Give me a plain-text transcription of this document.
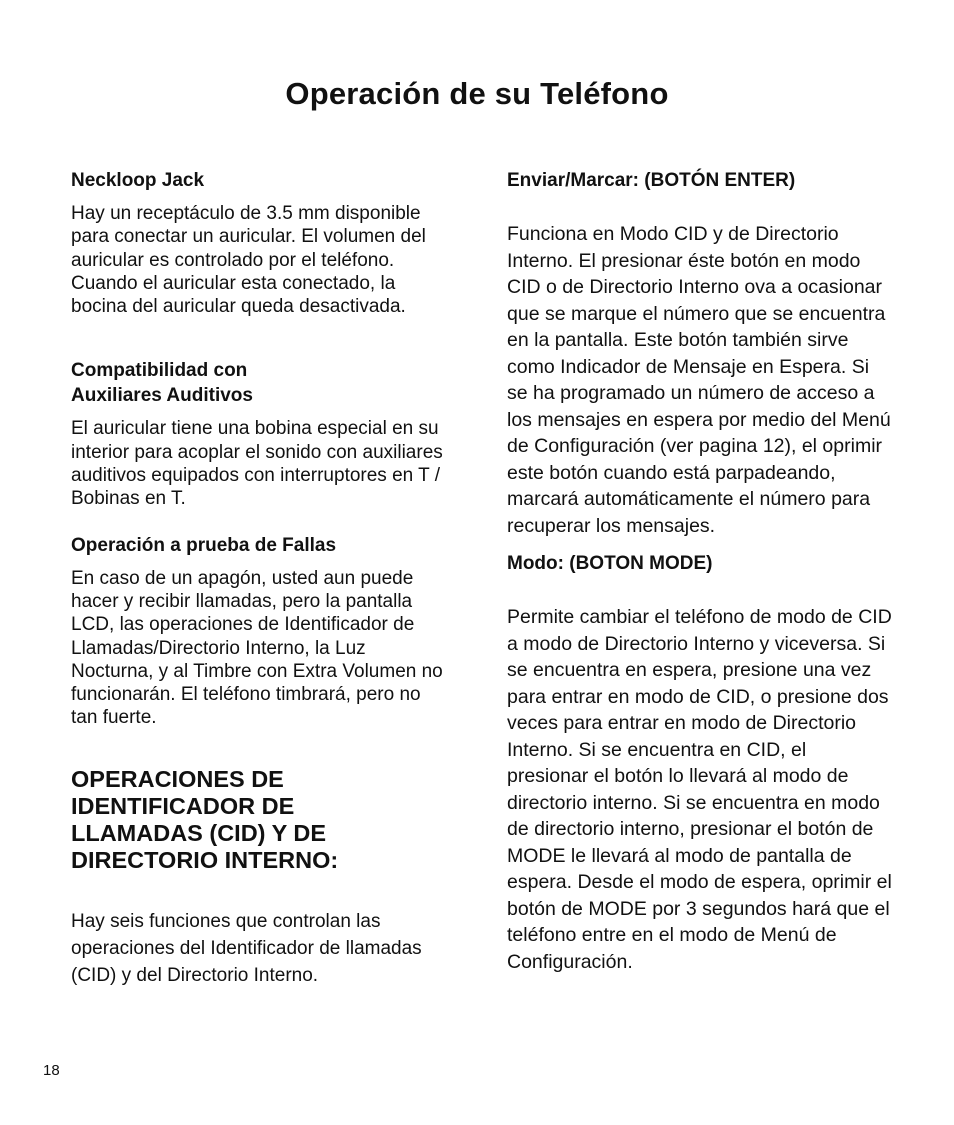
Operación de su Teléfono
Neckloop Jack

Hay un receptáculo de 3.5 mm disponible para conectar un auricular. El volumen del auricular es controlado por el teléfono. Cuando el auricular esta conectado, la bocina del auricular queda desactivada.

Compatibilidad con
Auxiliares Auditivos

El auricular tiene una bobina especial en su interior para acoplar el sonido con auxiliares auditivos equipados con interruptores en T / Bobinas en T.

Operación a prueba de Fallas

En caso de un apagón, usted aun puede hacer y recibir llamadas, pero la pantalla LCD, las operaciones de Identificador de Llamadas/Directorio Interno, la Luz Nocturna, y al Timbre con Extra Volumen no funcionarán. El teléfono timbrará, pero no tan fuerte.

OPERACIONES DE
IDENTIFICADOR DE
LLAMADAS (CID) Y DE
DIRECTORIO INTERNO:

Hay seis funciones que controlan las operaciones del Identificador de llamadas (CID) y del Directorio Interno.

Enviar/Marcar: (BOTÓN ENTER)

Funciona en Modo CID y de Directorio Interno. El presionar éste botón en modo CID o de Directorio Interno ova a ocasionar que se marque el número que se encuentra en la pantalla. Este botón también sirve como Indicador de Mensaje en Espera. Si se ha programado un número de acceso a los mensajes en espera por medio del Menú de Configuración (ver pagina 12), el oprimir este botón cuando está parpadeando, marcará automáticamente el número para recuperar los mensajes.

Modo: (BOTON MODE)

Permite cambiar el teléfono de modo de CID a modo de Directorio Interno y viceversa. Si se encuentra en espera, presione una vez para entrar en modo de CID, o presione dos veces para entrar en modo de Directorio Interno. Si se encuentra en CID, el presionar el botón lo llevará al modo de directorio interno. Si se encuentra en modo de directorio interno, presionar el botón de MODE le llevará al modo de pantalla de espera. Desde el modo de espera, oprimir el botón de MODE por 3 segundos hará que el teléfono entre en el modo de Menú de Configuración.

18
